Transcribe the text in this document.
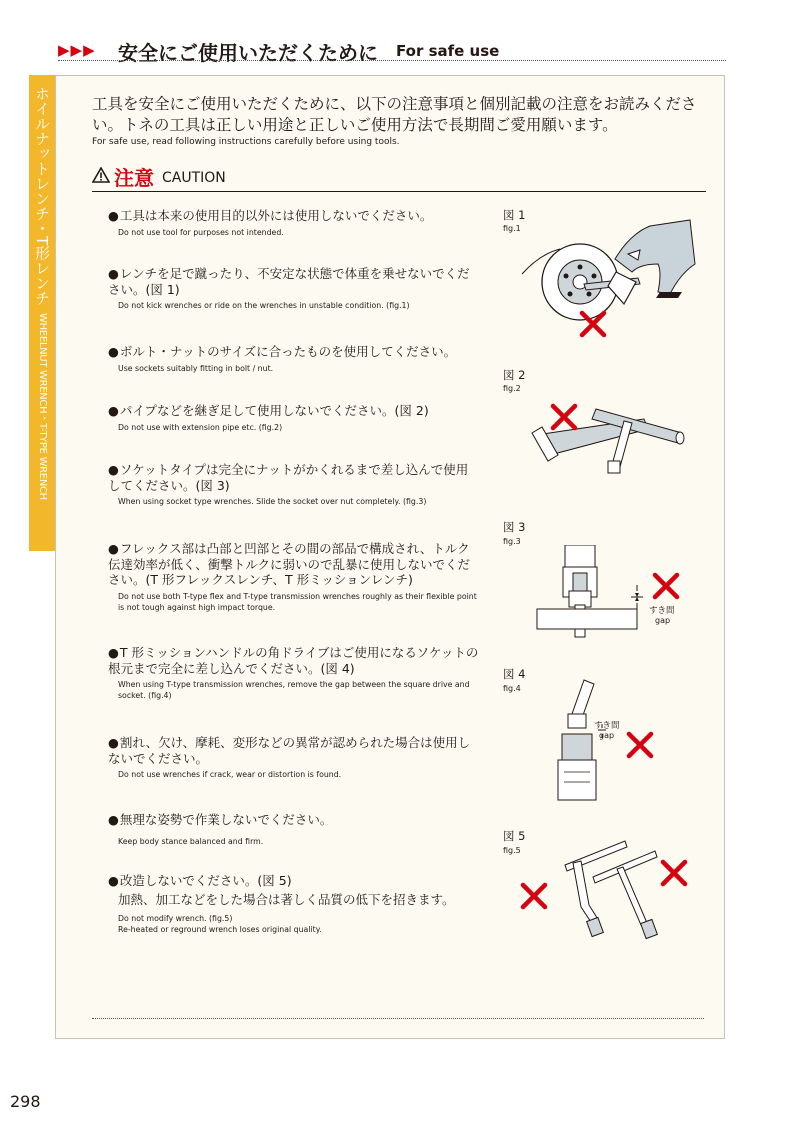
▶▶▶ 安全にご使用いただくために For safe use
ホイルナットレンチ・T形レンチWHEELNUT WRENCH・T-TYPE WRENCH
工具を安全にご使用いただくために、以下の注意事項と個別記載の注意をお読みください。トネの工具は正しい用途と正しいご使用方法で長期間ご愛用願います。
For safe use, read following instructions carefully before using tools.
注意 CAUTION
●工具は本来の使用目的以外には使用しないでください。
Do not use tool for purposes not intended.
●レンチを足で蹴ったり、不安定な状態で体重を乗せないでください。(図 1)
Do not kick wrenches or ride on the wrenches in unstable condition. (fig.1)
●ボルト・ナットのサイズに合ったものを使用してください。
Use sockets suitably fitting in bolt / nut.
●パイプなどを継ぎ足して使用しないでください。(図 2)
Do not use with extension pipe etc. (fig.2)
●ソケットタイプは完全にナットがかくれるまで差し込んで使用してください。(図 3)
When using socket type wrenches. Slide the socket over nut completely. (fig.3)
●フレックス部は凸部と凹部とその間の部品で構成され、トルク伝達効率が低く、衝撃トルクに弱いので乱暴に使用しないでください。(T 形フレックスレンチ、T 形ミッションレンチ)
Do not use both T-type flex and T-type transmission wrenches roughly as their flexible point is not tough against high impact torque.
●T 形ミッションハンドルの角ドライブはご使用になるソケットの根元まで完全に差し込んでください。(図 4)
When using T-type transmission wrenches, remove the gap between the square drive and socket. (fig.4)
●割れ、欠け、摩耗、変形などの異常が認められた場合は使用しないでください。
Do not use wrenches if crack, wear or distortion is found.
●無理な姿勢で作業しないでください。
Keep body stance balanced and firm.
●改造しないでください。(図 5)
加熱、加工などをした場合は著しく品質の低下を招きます。
Do not modify wrench. (fig.5)
Re-heated or reground wrench loses original quality.
図 1
fig.1
図 2
fig.2
図 3
fig.3
図 4
fig.4
図 5
fig.5
すき間
gap
すき間
gap
298
